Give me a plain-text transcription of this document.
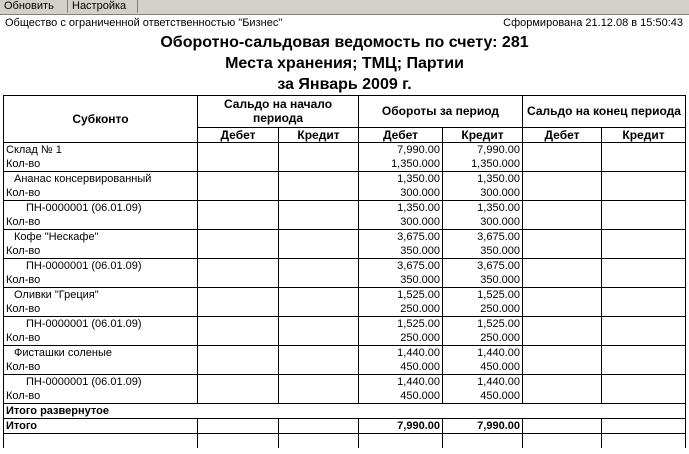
Обновить	Настройка
Общество с ограниченной ответственностью "Бизнес"	Сформирована 21.12.08 в 15:50:43
Оборотно-сальдовая ведомость по счету: 281
Места хранения; ТМЦ; Партии
за Январь 2009 г.
Субконто	Сальдо на начало периода		Обороты за период		Сальдо на конец периода	
	Дебет	Кредит	Дебет	Кредит	Дебет	Кредит
Склад № 1			7,990.00	7,990.00		
Кол-во			1,350.000	1,350.000		
Ананас консервированный			1,350.00	1,350.00		
Кол-во			300.000	300.000		
ПН-0000001 (06.01.09)			1,350.00	1,350.00		
Кол-во			300.000	300.000		
Кофе "Нескафе"			3,675.00	3,675.00		
Кол-во			350.000	350.000		
ПН-0000001 (06.01.09)			3,675.00	3,675.00		
Кол-во			350.000	350.000		
Оливки "Греция"			1,525.00	1,525.00		
Кол-во			250.000	250.000		
ПН-0000001 (06.01.09)			1,525.00	1,525.00		
Кол-во			250.000	250.000		
Фисташки соленые			1,440.00	1,440.00		
Кол-во			450.000	450.000		
ПН-0000001 (06.01.09)			1,440.00	1,440.00		
Кол-во			450.000	450.000		
Итого развернутое						
Итого			7,990.00	7,990.00		
